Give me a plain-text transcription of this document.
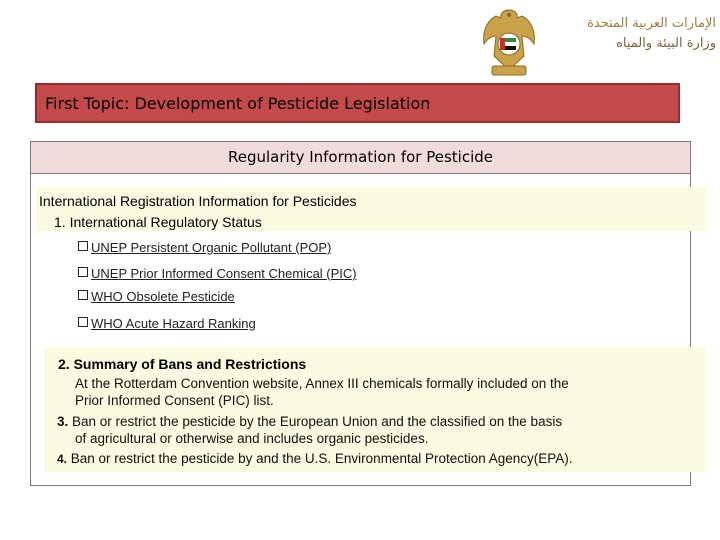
الإمارات العربية المتحدة
وزارة البيئة والمياه
First Topic: Development of Pesticide Legislation
Regularity Information for Pesticide
International Registration Information for Pesticides
1. International Regulatory Status
UNEP Persistent Organic Pollutant (POP)
UNEP Prior Informed Consent Chemical (PIC)
WHO Obsolete Pesticide
WHO Acute Hazard Ranking
2. Summary of Bans and Restrictions
At the Rotterdam Convention website, Annex III chemicals formally included on the
Prior Informed Consent (PIC) list.
3. Ban or restrict the pesticide by the European Union and the classified on the basis
of agricultural or otherwise and includes organic pesticides.
4. Ban or restrict the pesticide by and the U.S. Environmental Protection Agency(EPA).
